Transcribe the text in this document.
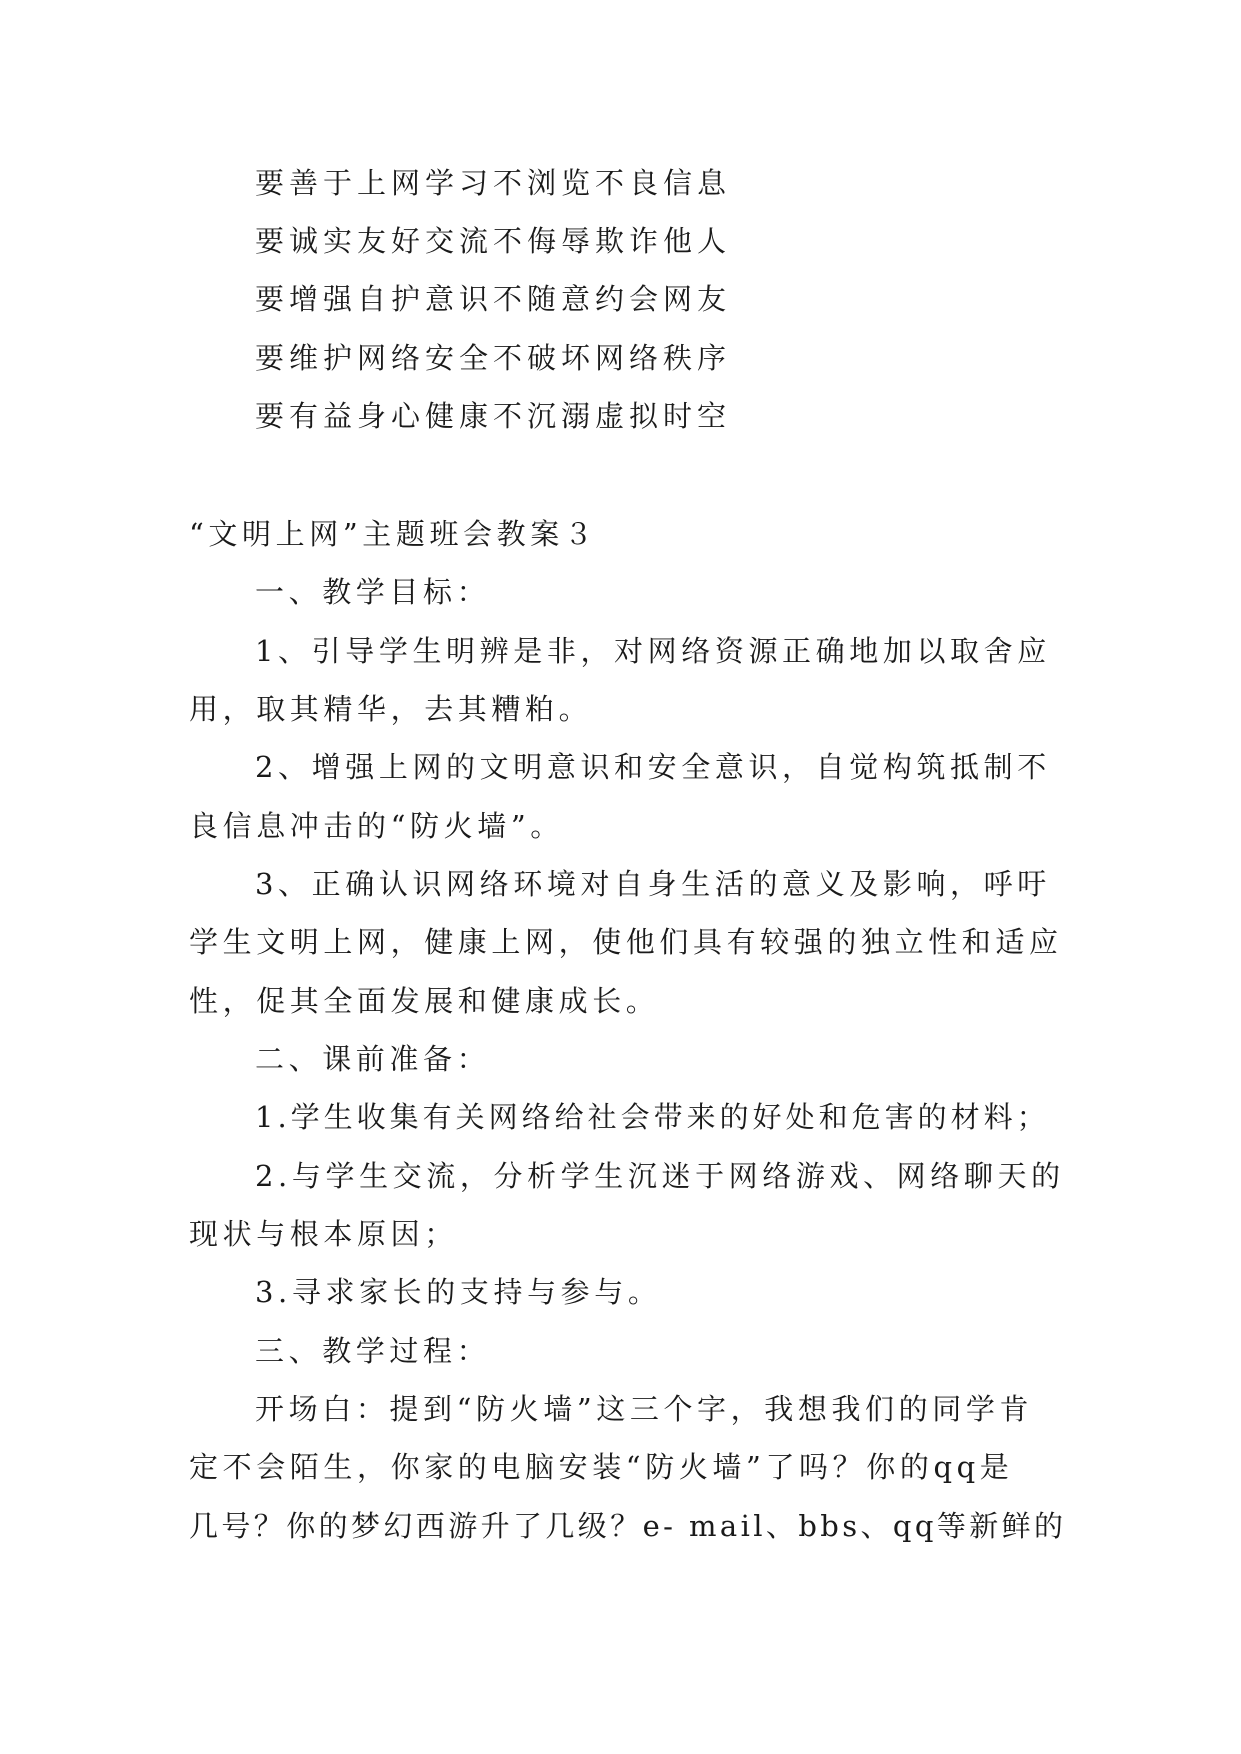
要善于上网学习不浏览不良信息
要诚实友好交流不侮辱欺诈他人
要增强自护意识不随意约会网友
要维护网络安全不破坏网络秩序
要有益身心健康不沉溺虚拟时空
“文明上网”主题班会教案３
一、教学目标：
1、引导学生明辨是非，对网络资源正确地加以取舍应
用，取其精华，去其糟粕。
2、增强上网的文明意识和安全意识，自觉构筑抵制不
良信息冲击的“防火墙”。
3、正确认识网络环境对自身生活的意义及影响，呼吁
学生文明上网，健康上网，使他们具有较强的独立性和适应
性，促其全面发展和健康成长。
二、课前准备：
1.学生收集有关网络给社会带来的好处和危害的材料；
2.与学生交流，分析学生沉迷于网络游戏、网络聊天的
现状与根本原因；
3.寻求家长的支持与参与。
三、教学过程：
开场白：提到“防火墙”这三个字，我想我们的同学肯
定不会陌生，你家的电脑安装“防火墙”了吗？你的qq是
几号？你的梦幻西游升了几级？e- mail、bbs、qq等新鲜的
